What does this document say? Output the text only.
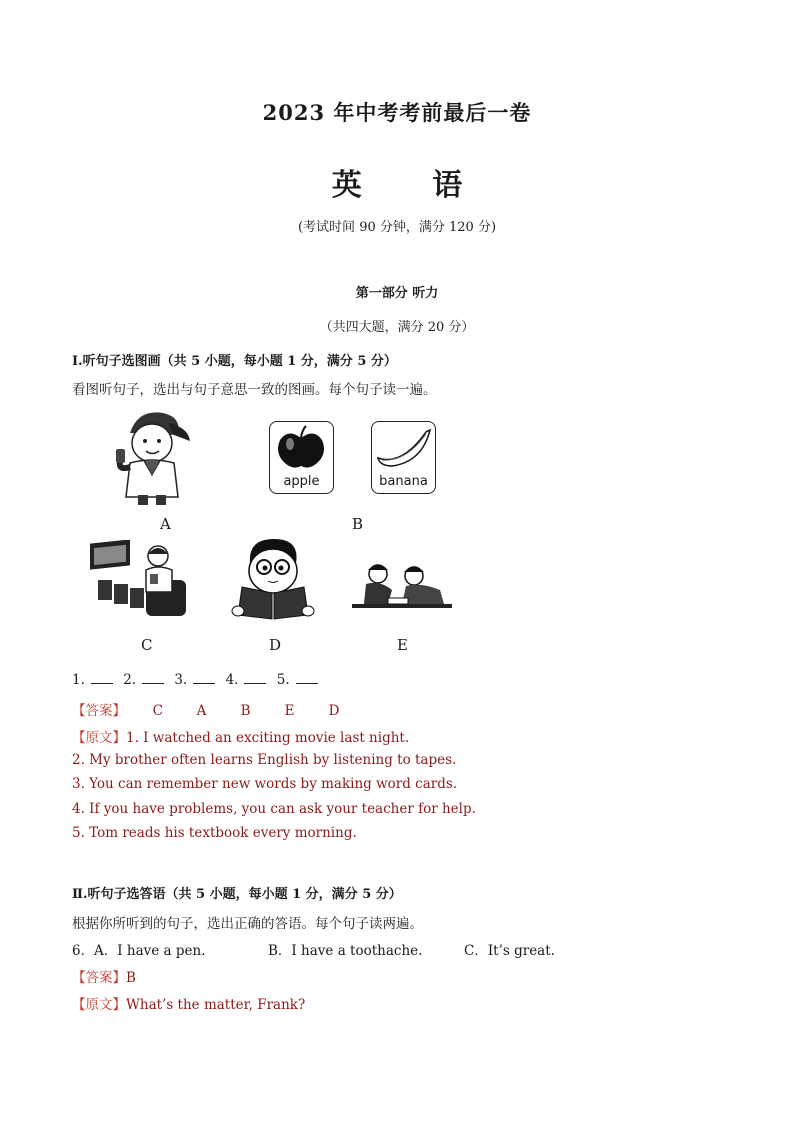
2023 年中考考前最后一卷
英 语
(考试时间 90 分钟，满分 120 分)
第一部分 听力
（共四大题，满分 20 分）
Ⅰ.听句子选图画（共 5 小题，每小题 1 分，满分 5 分）
看图听句子，选出与句子意思一致的图画。每个句子读一遍。
A
apple	banana
B
C	D	E
1.	2.	3.	4.	5.
【答案】 C A	B	E	D
【原文】1. I watched an exciting movie last night.
2. My brother often learns English by listening to tapes.
3. You can remember new words by making word cards.
4. If you have problems, you can ask your teacher for help.
5. Tom reads his textbook every morning.
Ⅱ.听句子选答语（共 5 小题，每小题 1 分，满分 5 分）
根据你所听到的句子，选出正确的答语。每个句子读两遍。
6． A．I have a pen.	B．I have a toothache.	C．It’s great.
【答案】B
【原文】What’s the matter, Frank?
